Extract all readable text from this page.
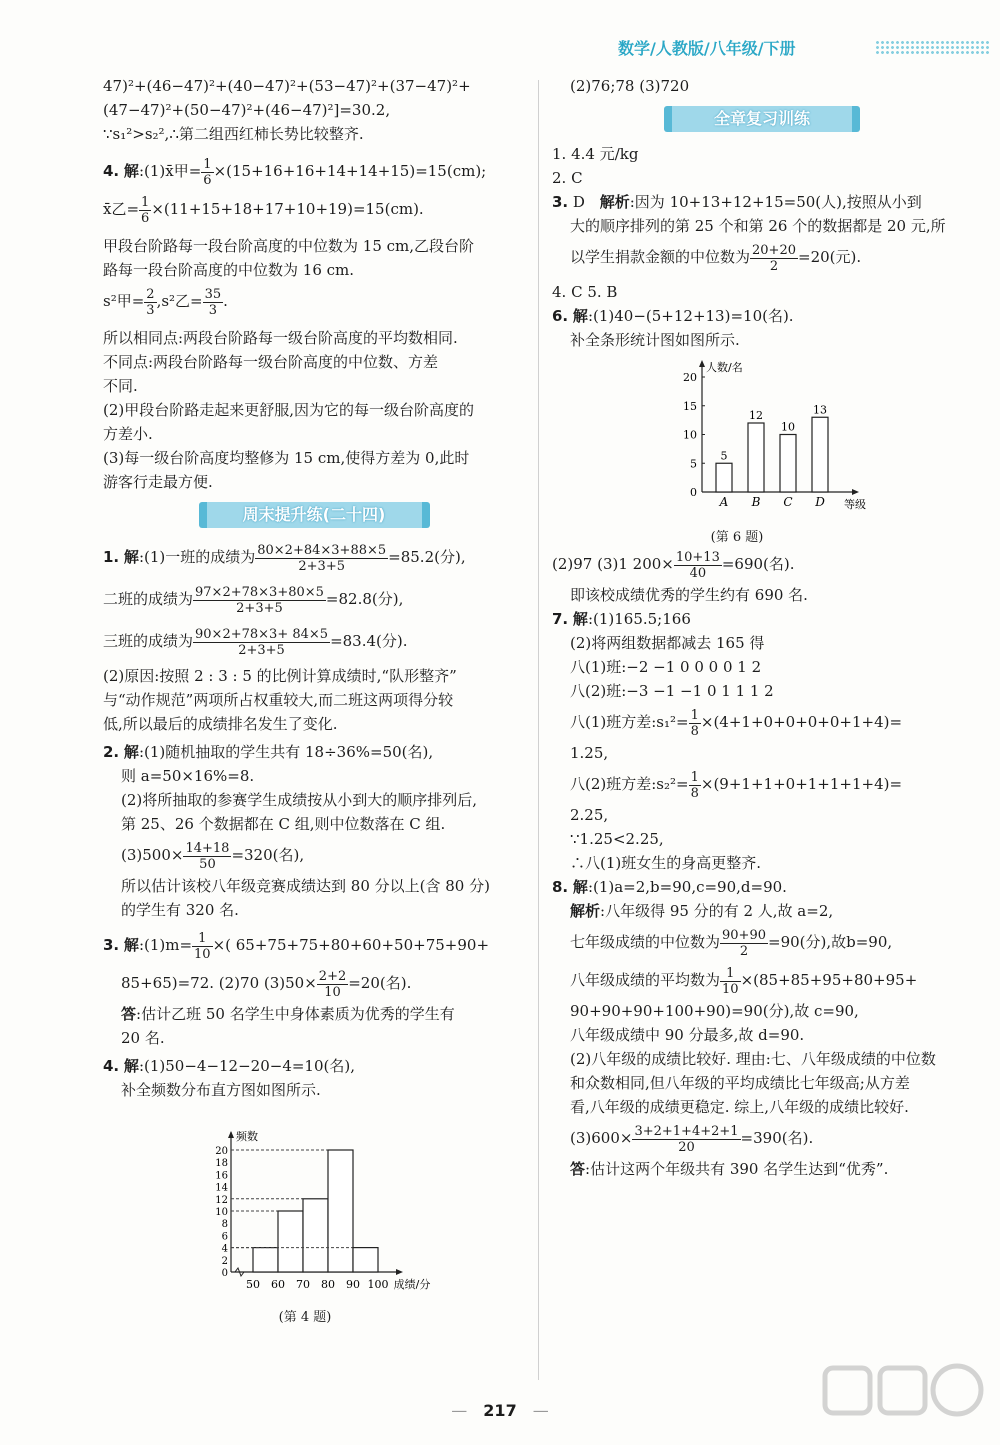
数学/人教版/八年级/下册
47)²+(46−47)²+(40−47)²+(53−47)²+(37−47)²+
(47−47)²+(50−47)²+(46−47)²]=30.2,
∵s₁²>s₂²,∴第二组西红柿长势比较整齐.
4. 解:(1)x̄甲= $\frac{1}{6} \times(15+16+16+14+14+15)=15(cm)$;
x̄乙= $\frac{1}{6} \times(11+15+18+17+10+19)=15(cm)$.
甲段台阶路每一段台阶高度的中位数为 15 cm,乙段台阶
路每一段台阶高度的中位数为 16 cm.
s²甲= $\frac{2}{3} ,s^2$乙= $\frac{35}{3}$ .
所以相同点:两段台阶路每一级台阶高度的平均数相同.
不同点:两段台阶路每一级台阶高度的中位数、方差
不同.
(2)甲段台阶路走起来更舒服,因为它的每一级台阶高度的
方差小.
(3)每一级台阶高度均整修为 15 cm,使得方差为 0,此时
游客行走最方便.
周末提升练(二十四)
1. 解:(1)一班的成绩为 $\frac{80\times 2+84\times 3+88\times 5}{2+3+5} =85.2$(分),
二班的成绩为 $\frac{97\times 2+78\times 3+80\times 5}{2+3+5} =82.8$(分),
三班的成绩为 $\frac{90\times 2+78\times 3+ 84\times 5}{2+3+5} =83.4$(分).
(2)原因:按照 2 : 3 : 5 的比例计算成绩时,“队形整齐”
与“动作规范”两项所占权重较大,而二班这两项得分较
低,所以最后的成绩排名发生了变化.
2. 解:(1)随机抽取的学生共有 18÷36%=50(名),
则 a=50×16%=8.
(2)将所抽取的参赛学生成绩按从小到大的顺序排列后,
第 25、26 个数据都在 C 组,则中位数落在 C 组.
$(3)500\times \frac{14+18}{50} =320$(名),
所以估计该校八年级竞赛成绩达到 80 分以上(含 80 分)
的学生有 320 名.
3. 解:(1)m= $\frac{1}{10}$ ×( 65+75+75+80+60+50+75+90+
85+65)=72. (2)70 $(3)50\times \frac{2+2}{10} =20$(名).
答:估计乙班 50 名学生中身体素质为优秀的学生有
20 名.
4. 解:(1)50−4−12−20−4=10(名),
补全频数分布直方图如图所示.
频数
0
2
4
6
8
10
12
14
16
18
20
50 60 70 80 90 100 成绩/分
(第 4 题)
(2)76;78 (3)720
全章复习训练
1. 4.4 元/kg
2. C
3. D 解析:因为 10+13+12+15=50(人),按照从小到
大的顺序排列的第 25 个和第 26 个的数据都是 20 元,所
以学生捐款金额的中位数为 $\frac{20+20}{2} =20$(元).
4. C 5. B
6. 解:(1)40−(5+12+13)=10(名).
补全条形统计图如图所示.
人数/名
等级
0
5
10
15
20
5
A
12
B
10
C
13
D
(第 6 题)
(2)97 (3)1 $200\times \frac{10+13}{40} =690$(名).
即该校成绩优秀的学生约有 690 名.
7. 解:(1)165.5;166
(2)将两组数据都减去 165 得
八(1)班:−2 −1 0 0 0 0 1 2
八(2)班:−3 −1 −1 0 1 1 1 2
八(1)班方差:s₁²= $\frac{1}{8} \times(4+1+0+0+0+0+1+4)=$
1.25,
八(2)班方差:s₂²= $\frac{1}{8} \times(9+1+1+0+1+1+1+4)=$
2.25,
∵1.25<2.25,
∴八(1)班女生的身高更整齐.
8. 解:(1)a=2,b=90,c=90,d=90.
解析:八年级得 95 分的有 2 人,故 a=2,
七年级成绩的中位数为 $\frac{90+90}{2} =90$(分),故b=90,
八年级成绩的平均数为 $\frac{1}{10} \times(85+85+95+80+95+$
90+90+90+100+90)=90(分),故 c=90,
八年级成绩中 90 分最多,故 d=90.
(2)八年级的成绩比较好. 理由:七、八年级成绩的中位数
和众数相同,但八年级的平均成绩比七年级高;从方差
看,八年级的成绩更稳定. 综上,八年级的成绩比较好.
$(3)600\times \frac{3+2+1+4+2+1}{20} =390$(名).
答:估计这两个年级共有 390 名学生达到“优秀”.
— 217 —
